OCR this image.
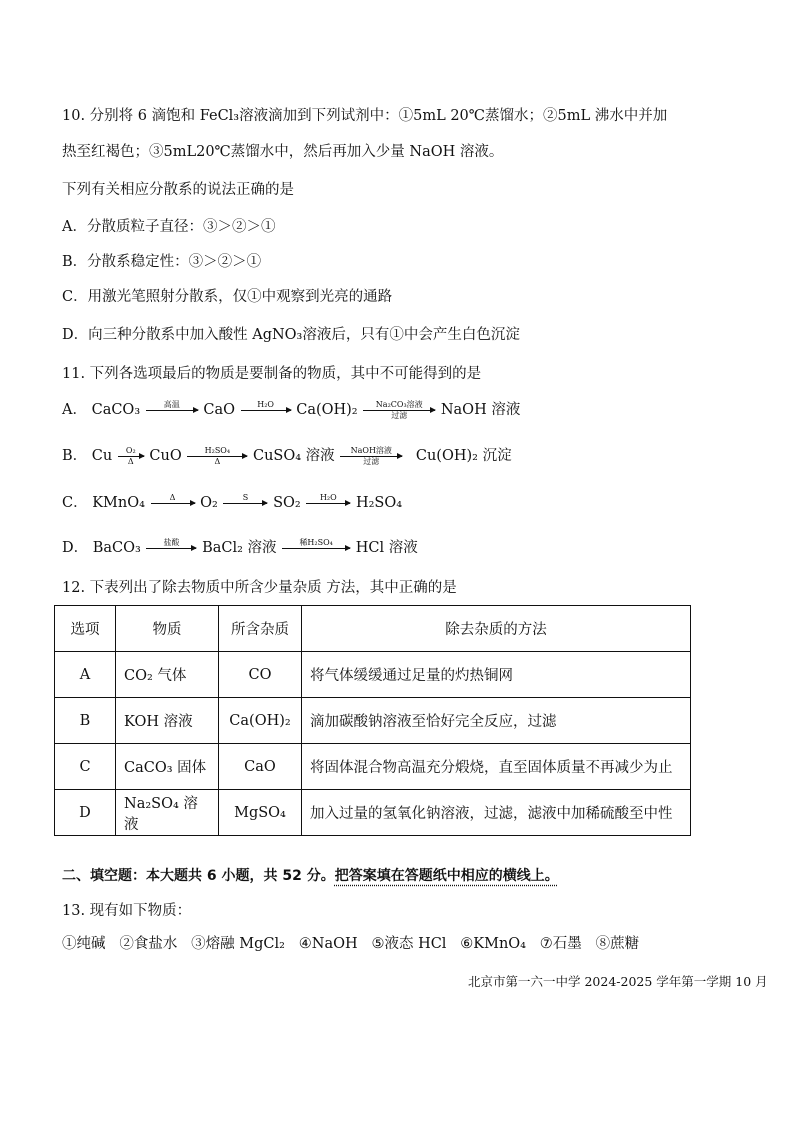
10. 分别将 6 滴饱和 FeCl₃溶液滴加到下列试剂中：①5mL 20℃蒸馏水；②5mL 沸水中并加
热至红褐色；③5mL20℃蒸馏水中，然后再加入少量 NaOH 溶液。
下列有关相应分散系的说法正确的是
A．分散质粒子直径：③＞②＞①
B．分散系稳定性：③＞②＞①
C．用激光笔照射分散系，仅①中观察到光亮的通路
D．向三种分散系中加入酸性 AgNO₃溶液后，只有①中会产生白色沉淀
11. 下列各选项最后的物质是要制备的物质，其中不可能得到的是
A． CaCO₃	高温	CaO	H₂O	Ca(OH)₂	Na₂CO₃溶液
过滤	NaOH 溶液
B． Cu $\frac{\text{O₂}}{\Delta}$ CuO $\frac{\text{H₂SO₄}}{\Delta}$ CuSO₄ 溶液	NaOH溶液
过滤	Cu(OH)₂ 沉淀
C． KMnO₄	Δ	O₂	S	SO₂	H₂O	H₂SO₄
D． BaCO₃	盐酸	BaCl₂ 溶液	稀H₂SO₄	HCl 溶液
12. 下表列出了除去物质中所含少量杂质 方法，其中正确的是
选项	物质	所含杂质	除去杂质的方法
A	CO₂ 气体	CO	将气体缓缓通过足量的灼热铜网
B	KOH 溶液	Ca(OH)₂	滴加碳酸钠溶液至恰好完全反应，过滤
C	CaCO₃ 固体	CaO	将固体混合物高温充分煅烧，直至固体质量不再减少为止
D	Na₂SO₄ 溶液	MgSO₄	加入过量的氢氧化钠溶液，过滤，滤液中加稀硫酸至中性
二、填空题：本大题共 6 小题，共 52 分。把答案填在答题纸中相应的横线上。
13. 现有如下物质：
①纯碱   ②食盐水   ③熔融 MgCl₂   ④NaOH   ⑤液态 HCl   ⑥KMnO₄   ⑦石墨   ⑧蔗糖
北京市第一六一中学 2024-2025 学年第一学期 10 月
